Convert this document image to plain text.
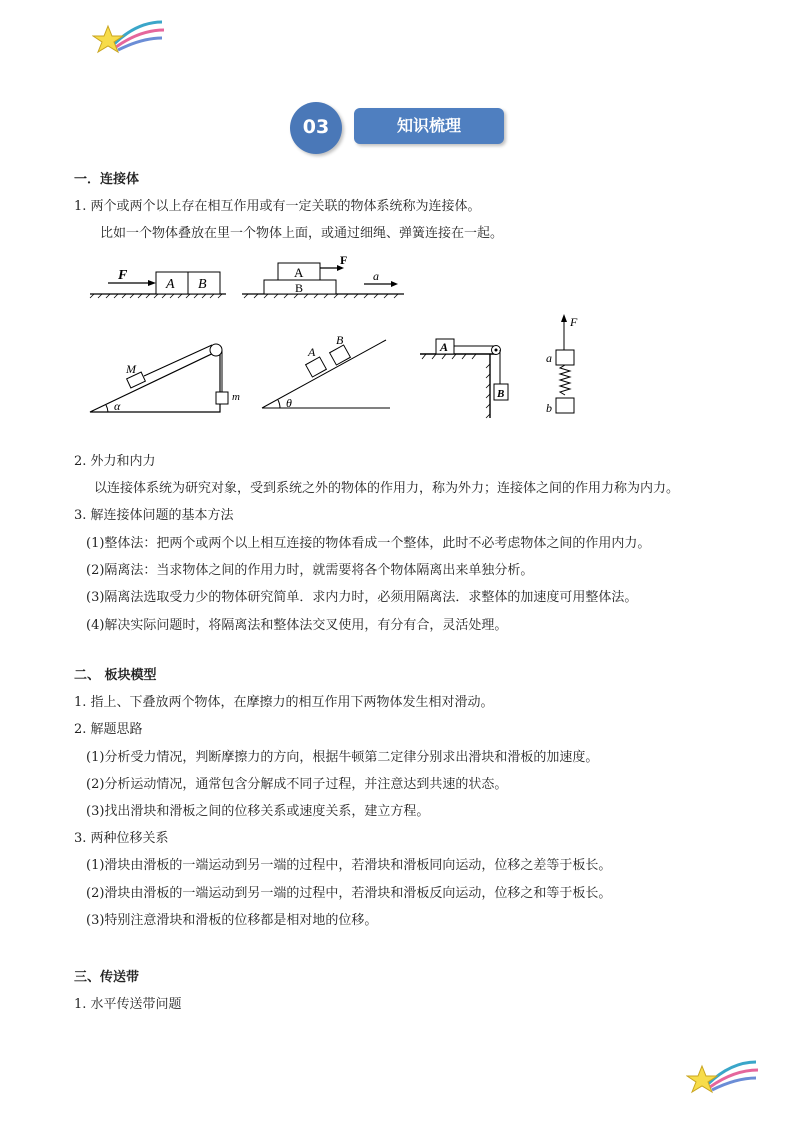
03	知识梳理
一．连接体
1. 两个或两个以上存在相互作用或有一定关联的物体系统称为连接体。
比如一个物体叠放在里一个物体上面，或通过细绳、弹簧连接在一起。
F
A B
A
B
F
a
α
M
m	θ
A
B	A
B
F
a
b
2. 外力和内力
以连接体系统为研究对象，受到系统之外的物体的作用力，称为外力；连接体之间的作用力称为内力。
3. 解连接体问题的基本方法
(1)整体法：把两个或两个以上相互连接的物体看成一个整体，此时不必考虑物体之间的作用内力。
(2)隔离法：当求物体之间的作用力时，就需要将各个物体隔离出来单独分析。
(3)隔离法选取受力少的物体研究简单．求内力时，必须用隔离法．求整体的加速度可用整体法。
(4)解决实际问题时，将隔离法和整体法交叉使用，有分有合，灵活处理。
二、 板块模型
1. 指上、下叠放两个物体，在摩擦力的相互作用下两物体发生相对滑动。
2. 解题思路
(1)分析受力情况，判断摩擦力的方向，根据牛顿第二定律分别求出滑块和滑板的加速度。
(2)分析运动情况，通常包含分解成不同子过程，并注意达到共速的状态。
(3)找出滑块和滑板之间的位移关系或速度关系，建立方程。
3. 两种位移关系
(1)滑块由滑板的一端运动到另一端的过程中，若滑块和滑板同向运动，位移之差等于板长。
(2)滑块由滑板的一端运动到另一端的过程中，若滑块和滑板反向运动，位移之和等于板长。
(3)特别注意滑块和滑板的位移都是相对地的位移。
三、传送带
1. 水平传送带问题
